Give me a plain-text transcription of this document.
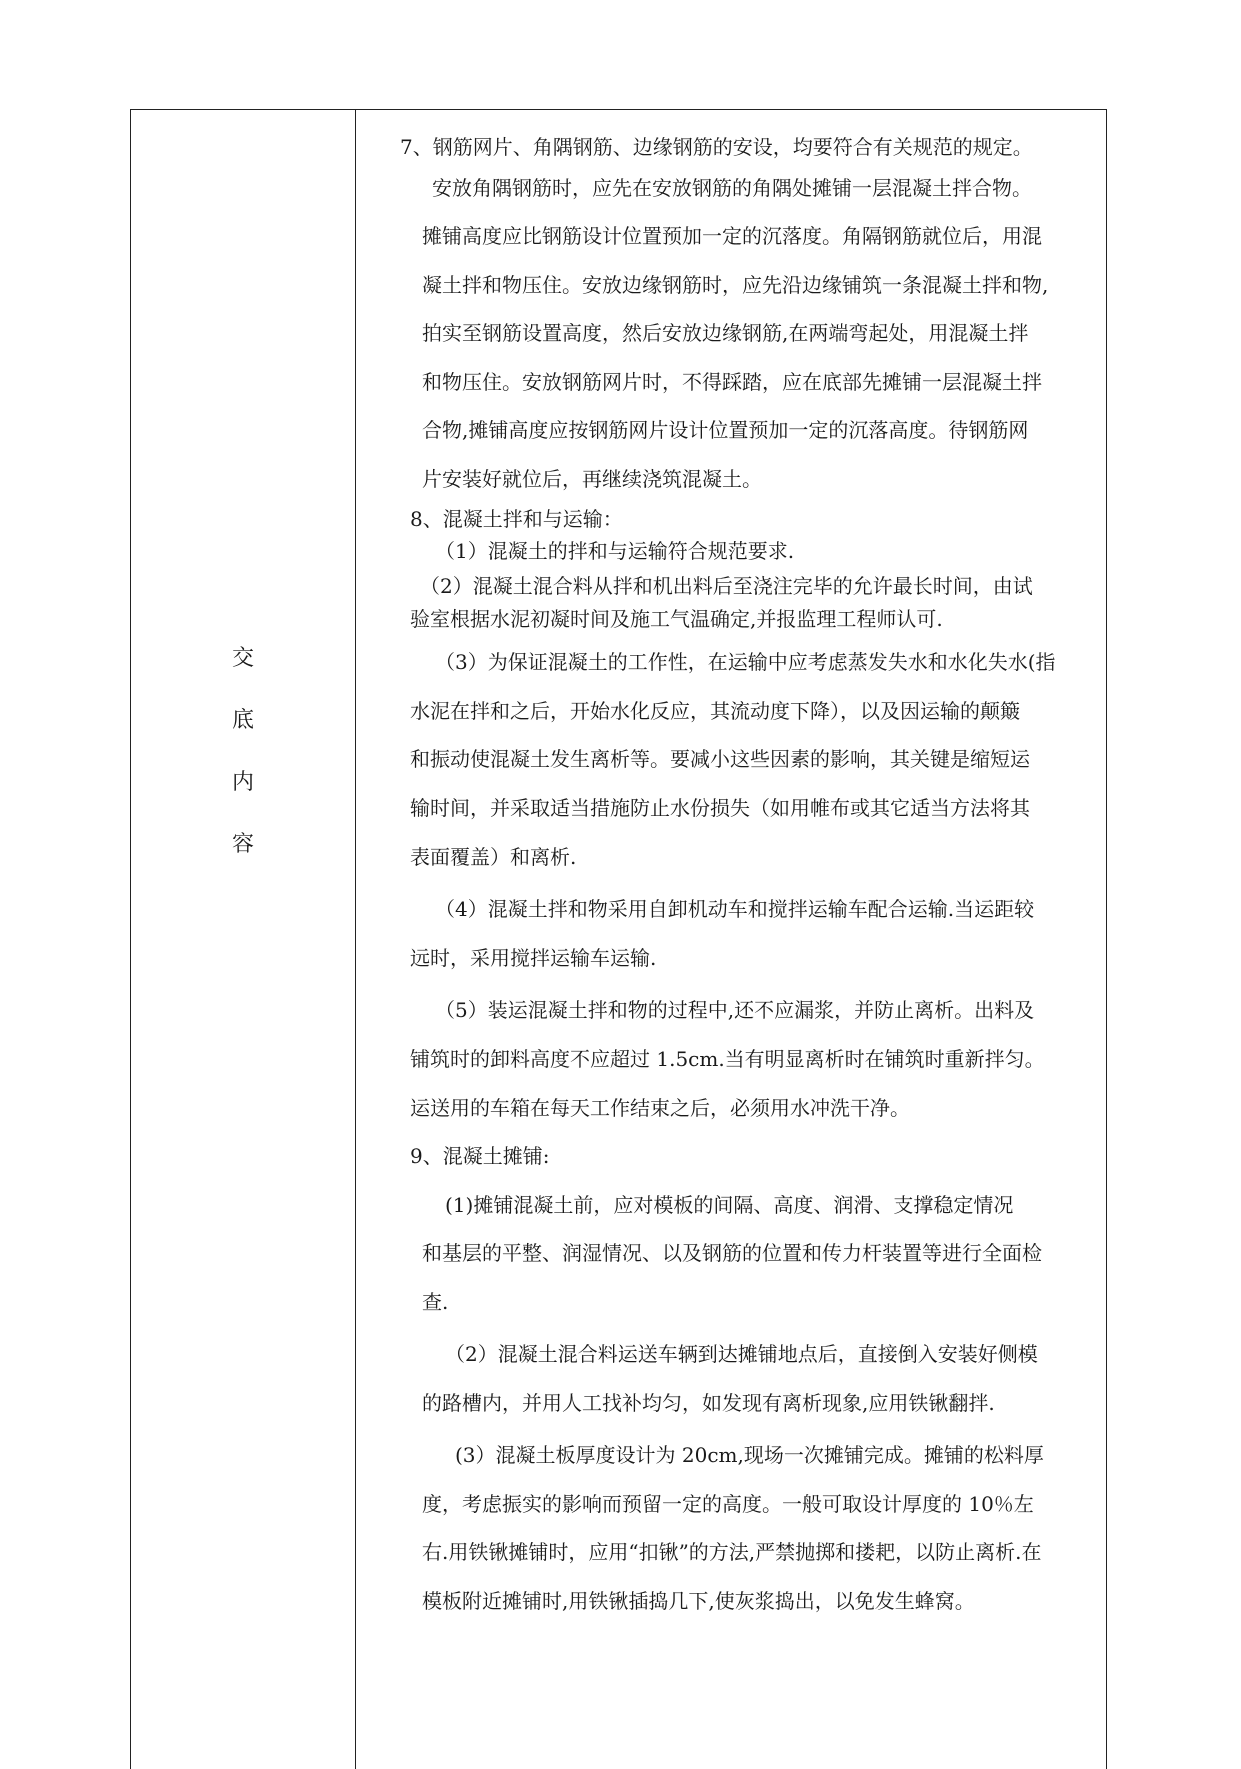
交
底
内
容
7、钢筋网片、角隅钢筋、边缘钢筋的安设，均要符合有关规范的规定。
安放角隅钢筋时，应先在安放钢筋的角隅处摊铺一层混凝土拌合物。
摊铺高度应比钢筋设计位置预加一定的沉落度。角隔钢筋就位后，用混
凝土拌和物压住。安放边缘钢筋时，应先沿边缘铺筑一条混凝土拌和物,
拍实至钢筋设置高度，然后安放边缘钢筋,在两端弯起处，用混凝土拌
和物压住。安放钢筋网片时，不得踩踏，应在底部先摊铺一层混凝土拌
合物,摊铺高度应按钢筋网片设计位置预加一定的沉落高度。待钢筋网
片安装好就位后，再继续浇筑混凝土。
8、混凝土拌和与运输：
（1）混凝土的拌和与运输符合规范要求.
（2）混凝土混合料从拌和机出料后至浇注完毕的允许最长时间，由试
验室根据水泥初凝时间及施工气温确定,并报监理工程师认可.
（3）为保证混凝土的工作性，在运输中应考虑蒸发失水和水化失水(指
水泥在拌和之后，开始水化反应，其流动度下降），以及因运输的颠簸
和振动使混凝土发生离析等。要减小这些因素的影响，其关键是缩短运
输时间，并采取适当措施防止水份损失（如用帷布或其它适当方法将其
表面覆盖）和离析.
（4）混凝土拌和物采用自卸机动车和搅拌运输车配合运输.当运距较
远时，采用搅拌运输车运输.
（5）装运混凝土拌和物的过程中,还不应漏浆，并防止离析。出料及
铺筑时的卸料高度不应超过 1.5cm.当有明显离析时在铺筑时重新拌匀。
运送用的车箱在每天工作结束之后，必须用水冲洗干净。
9、混凝土摊铺:
(1)摊铺混凝土前，应对模板的间隔、高度、润滑、支撑稳定情况
和基层的平整、润湿情况、以及钢筋的位置和传力杆装置等进行全面检
查.
（2）混凝土混合料运送车辆到达摊铺地点后，直接倒入安装好侧模
的路槽内，并用人工找补均匀，如发现有离析现象,应用铁锹翻拌.
(3）混凝土板厚度设计为 20cm,现场一次摊铺完成。摊铺的松料厚
度，考虑振实的影响而预留一定的高度。一般可取设计厚度的 10％左
右.用铁锹摊铺时，应用“扣锹”的方法,严禁抛掷和搂耙，以防止离析.在
模板附近摊铺时,用铁锹插捣几下,使灰浆捣出，以免发生蜂窝。
